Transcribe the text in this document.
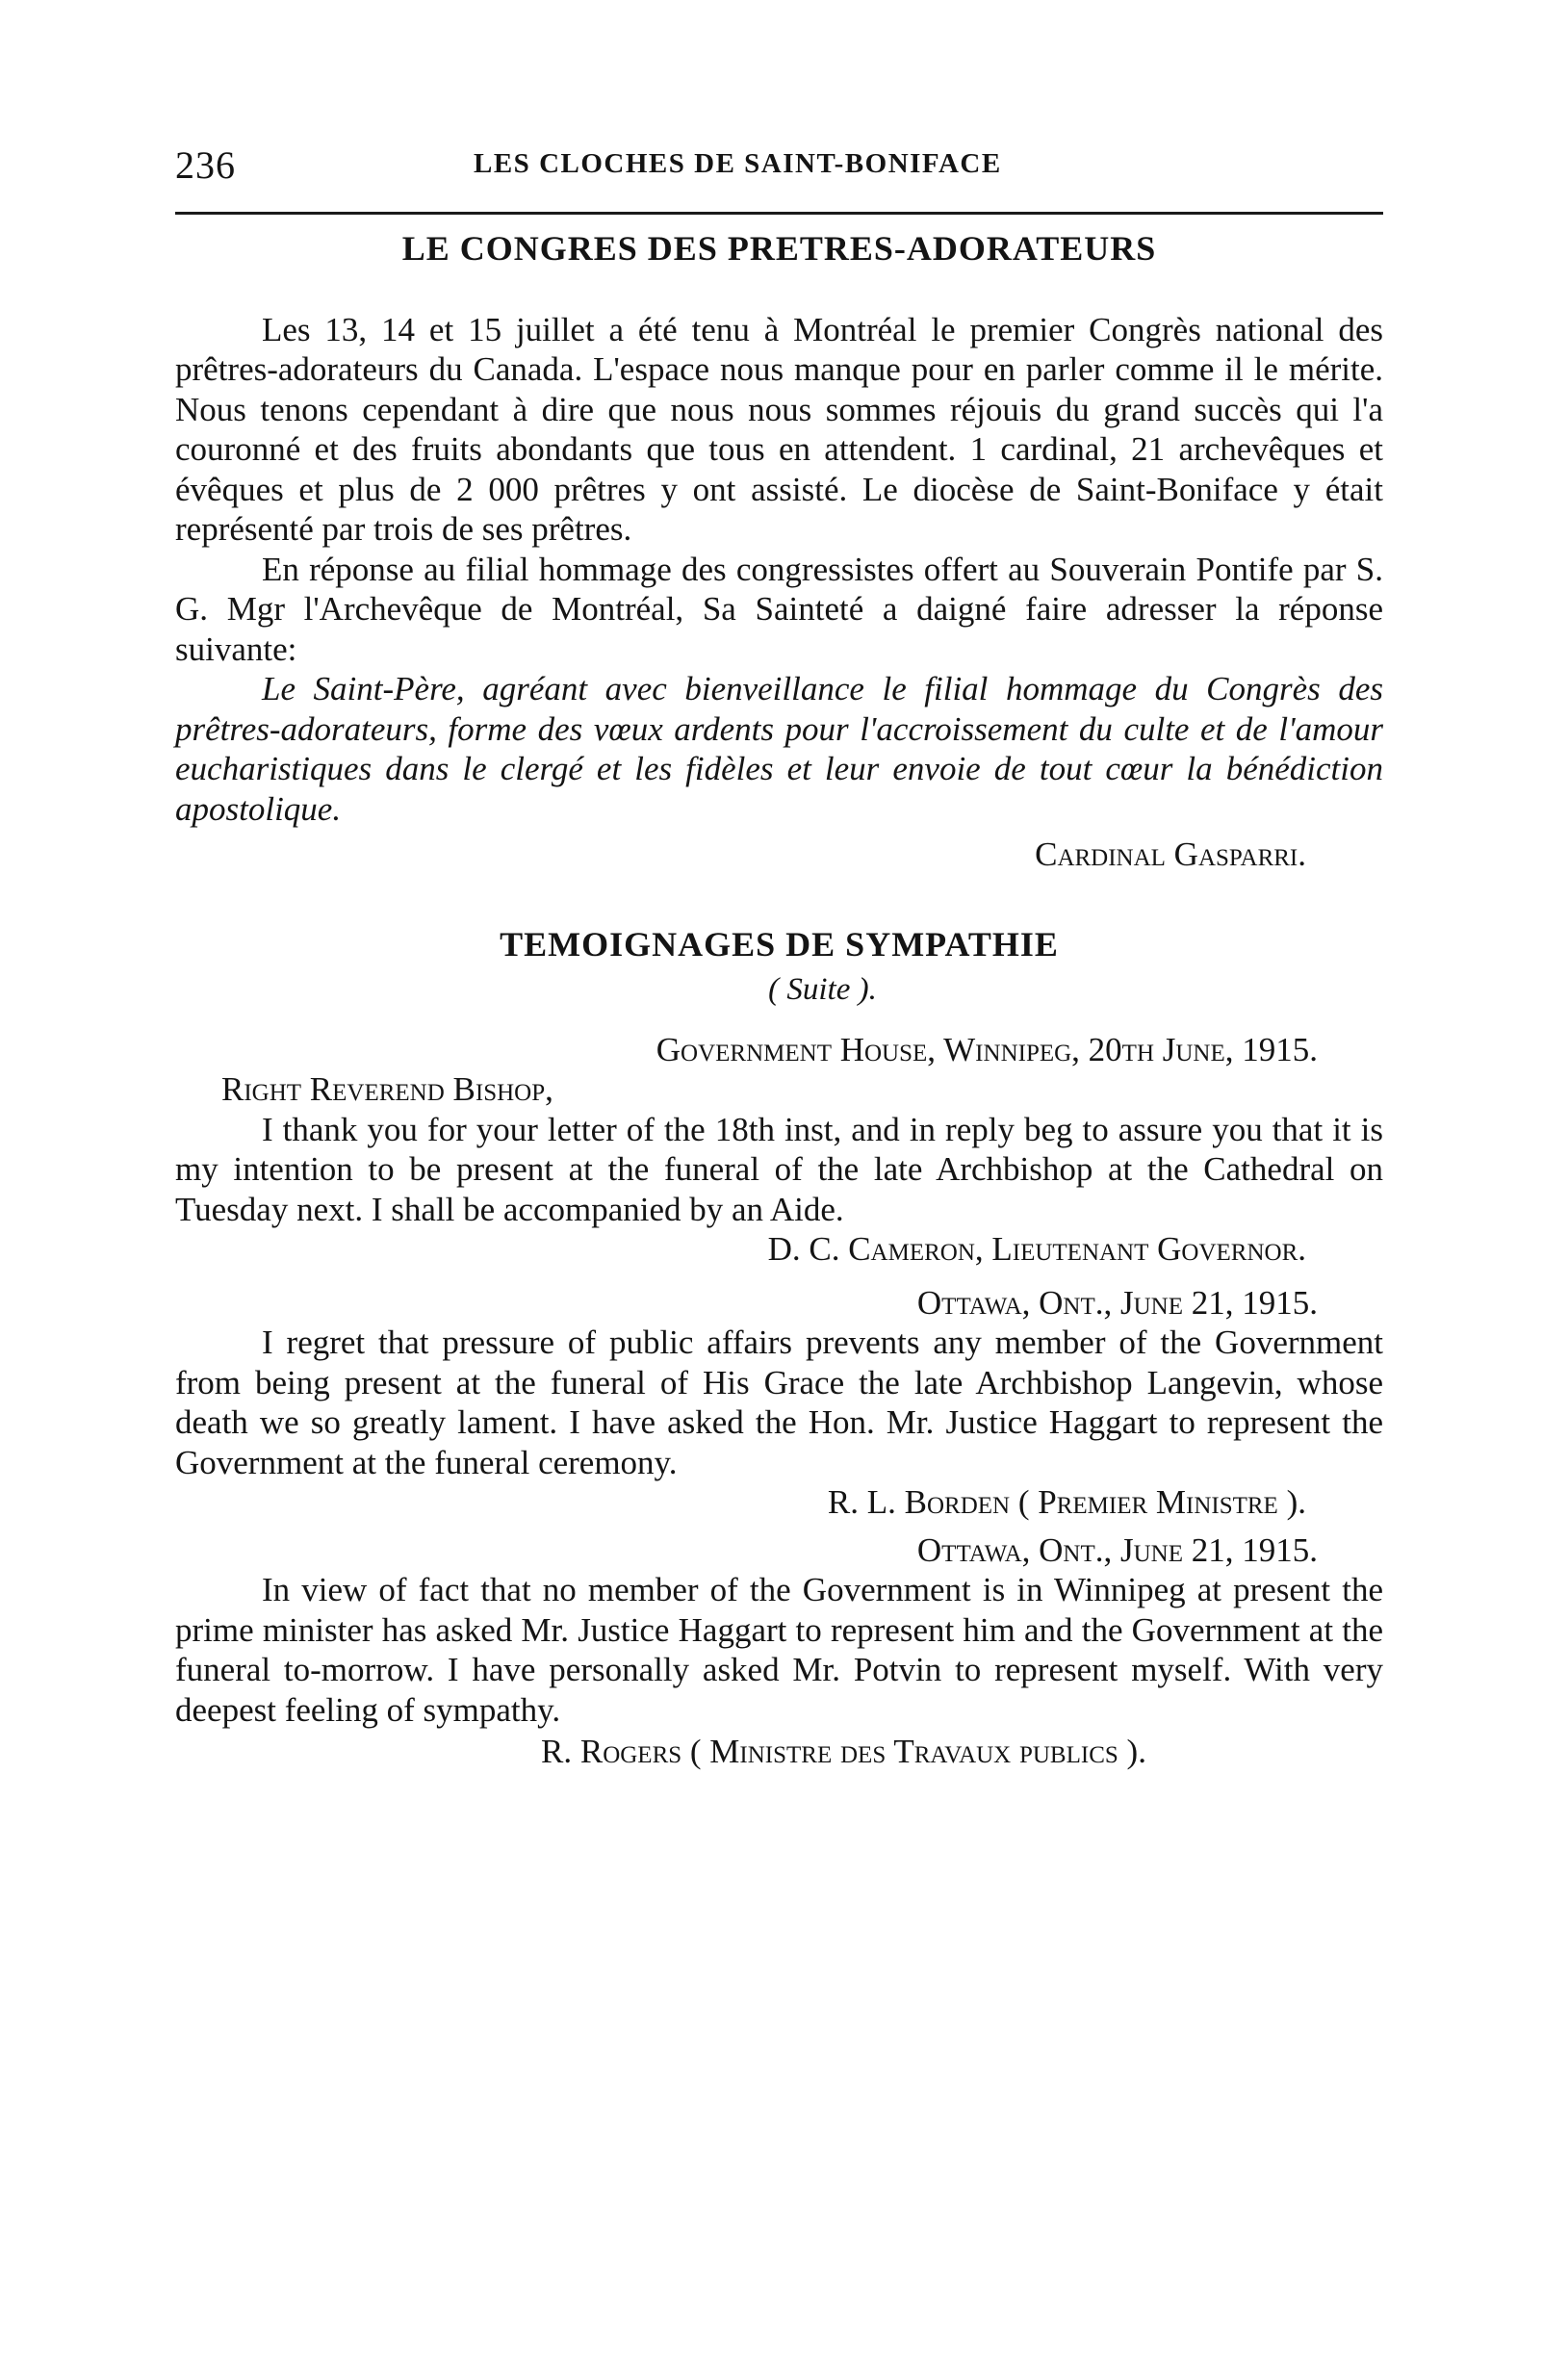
236	LES CLOCHES DE SAINT-BONIFACE
LE CONGRES DES PRETRES-ADORATEURS

Les 13, 14 et 15 juillet a été tenu à Montréal le premier Congrès national des prêtres-adorateurs du Canada. L'espace nous manque pour en parler comme il le mérite. Nous tenons cependant à dire que nous nous sommes réjouis du grand succès qui l'a couronné et des fruits abondants que tous en attendent. 1 cardinal, 21 archevêques et évêques et plus de 2 000 prêtres y ont assisté. Le diocèse de Saint-Boniface y était représenté par trois de ses prêtres.

En réponse au filial hommage des congressistes offert au Souverain Pontife par S. G. Mgr l'Archevêque de Montréal, Sa Sainteté a daigné faire adresser la réponse suivante:

Le Saint-Père, agréant avec bienveillance le filial hommage du Congrès des prêtres-adorateurs, forme des vœux ardents pour l'accroissement du culte et de l'amour eucharistiques dans le clergé et les fidèles et leur envoie de tout cœur la bénédiction apostolique.

Cardinal Gasparri.
TEMOIGNAGES DE SYMPATHIE
( Suite ).
Government House, Winnipeg, 20th June, 1915.
Right Reverend Bishop,

I thank you for your letter of the 18th inst, and in reply beg to assure you that it is my intention to be present at the funeral of the late Archbishop at the Cathedral on Tuesday next. I shall be accompanied by an Aide.

D. C. Cameron, Lieutenant Governor.
Ottawa, Ont., June 21, 1915.

I regret that pressure of public affairs prevents any member of the Government from being present at the funeral of His Grace the late Archbishop Langevin, whose death we so greatly lament. I have asked the Hon. Mr. Justice Haggart to represent the Government at the funeral ceremony.

R. L. Borden ( Premier Ministre ).
Ottawa, Ont., June 21, 1915.

In view of fact that no member of the Government is in Winnipeg at present the prime minister has asked Mr. Justice Haggart to represent him and the Government at the funeral to-morrow. I have personally asked Mr. Potvin to represent myself. With very deepest feeling of sympathy.

R. Rogers ( Ministre des Travaux publics ).
